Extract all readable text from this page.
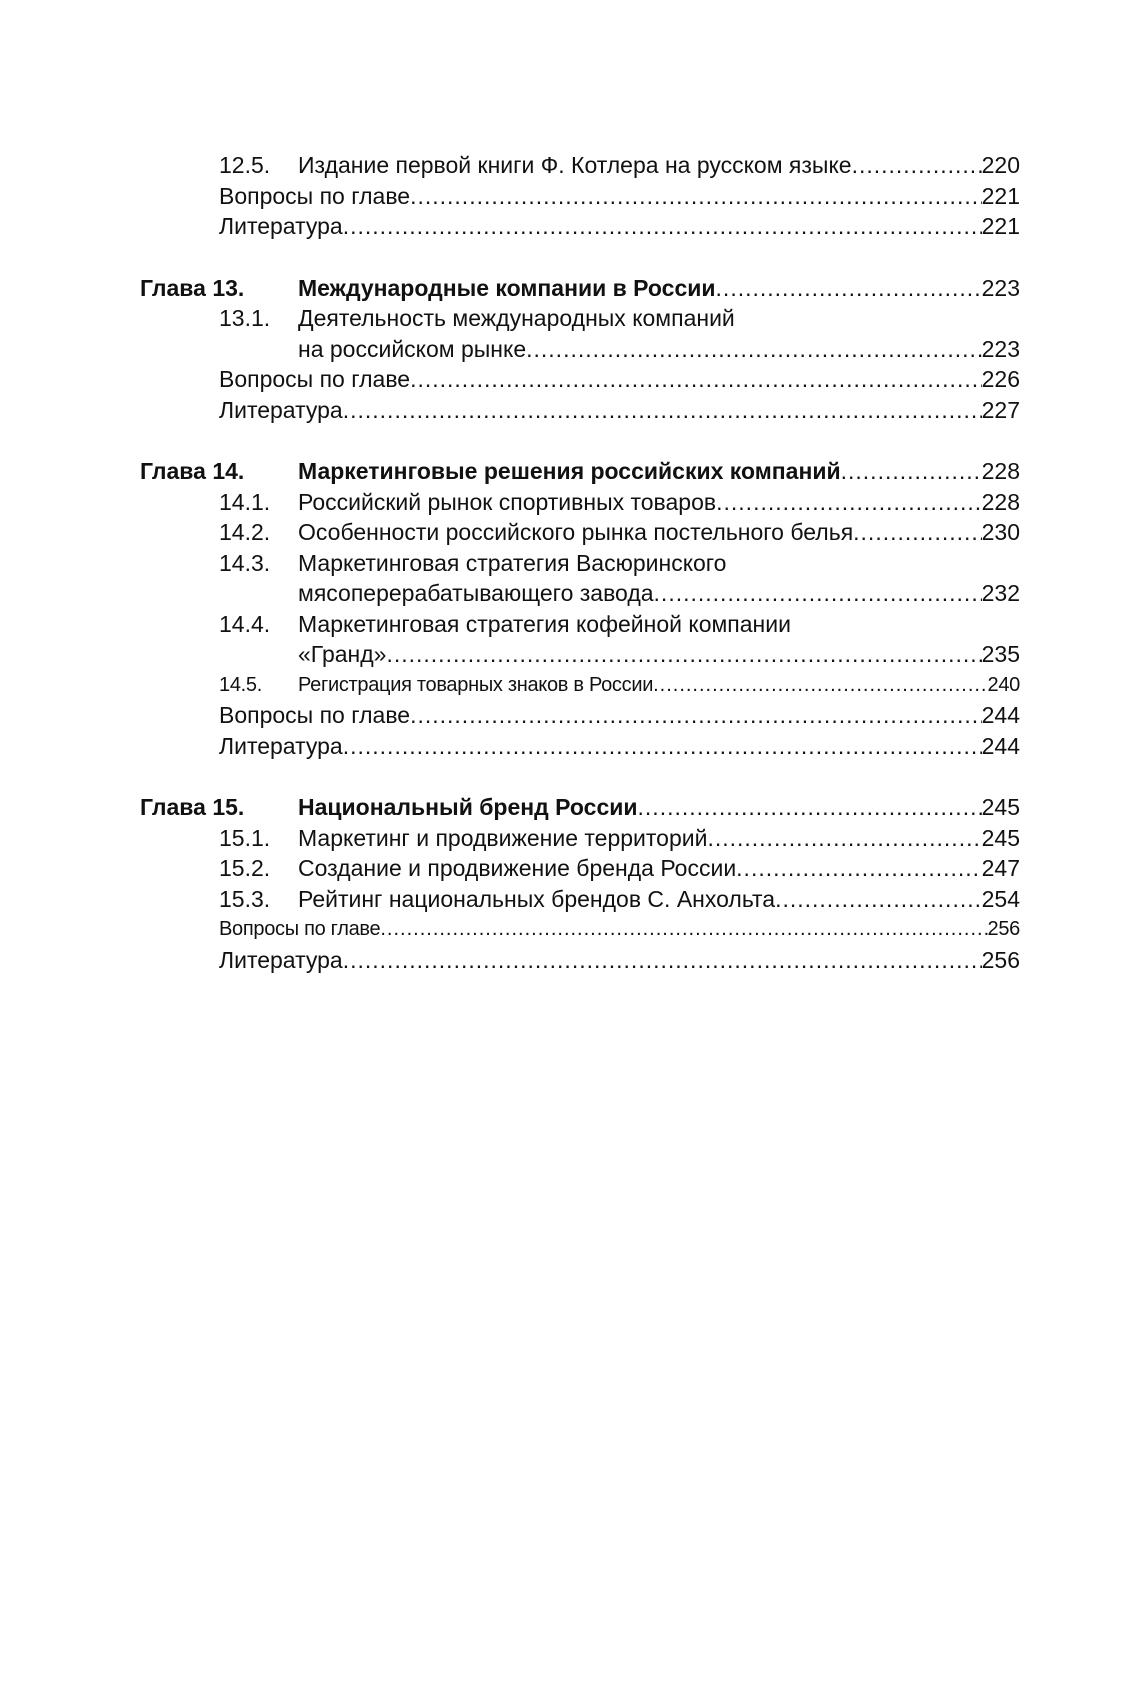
12.5. Издание первой книги Ф. Котлера на русском языке .....	220
Вопросы по главе .....	221
Литература .....	221
Глава 13. Международные компании в России .....	223
13.1. Деятельность международных компаний
на российском рынке .....	223
Вопросы по главе .....	226
Литература .....	227
Глава 14. Маркетинговые решения российских компаний .....	228
14.1. Российский рынок спортивных товаров .....	228
14.2. Особенности российского рынка постельного белья .....	230
14.3. Маркетинговая стратегия Васюринского
мясоперерабатывающего завода .....	232
14.4. Маркетинговая стратегия кофейной компании
«Гранд» .....	235
14.5. Регистрация товарных знаков в России .....	240
Вопросы по главе .....	244
Литература .....	244
Глава 15. Национальный бренд России .....	245
15.1. Маркетинг и продвижение территорий .....	245
15.2. Создание и продвижение бренда России .....	247
15.3. Рейтинг национальных брендов С. Анхольта .....	254
Вопросы по главе .....	256
Литература .....	256
